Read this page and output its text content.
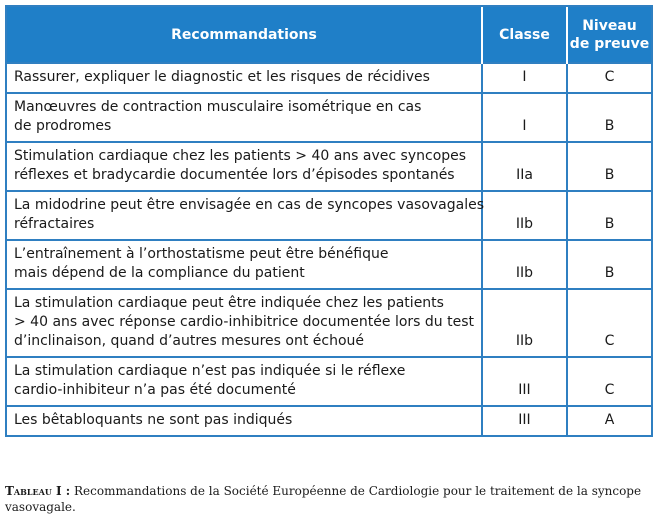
Recommandations	Classe	Niveau
de preuve

Rassurer, expliquer le diagnostic et les risques de récidives	I	C

Manœuvres de contraction musculaire isométrique en cas
de prodromes	I	B

Stimulation cardiaque chez les patients > 40 ans avec syncopes
réflexes et bradycardie documentée lors d’épisodes spontanés	IIa	B

La midodrine peut être envisagée en cas de syncopes vasovagales
réfractaires	IIb	B

L’entraînement à l’orthostatisme peut être bénéfique
mais dépend de la compliance du patient	IIb	B

La stimulation cardiaque peut être indiquée chez les patients
> 40 ans avec réponse cardio-inhibitrice documentée lors du test
d’inclinaison, quand d’autres mesures ont échoué	IIb	C

La stimulation cardiaque n’est pas indiquée si le réflexe
cardio-inhibiteur n’a pas été documenté	III	C

Les bêtabloquants ne sont pas indiqués	III	A
Tableau I : Recommandations de la Société Européenne de Cardiologie pour le traitement de la syncope vasovagale.
